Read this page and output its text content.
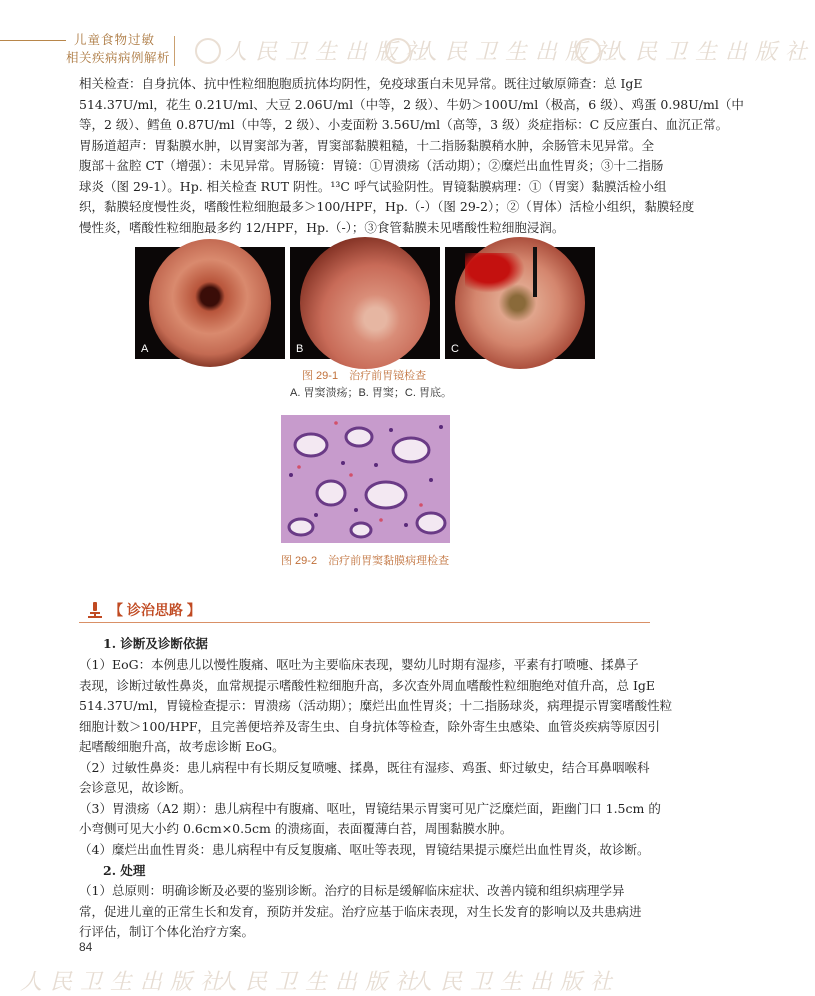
儿童食物过敏
相关疾病病例解析 人民卫生出版社
人民卫生出版社
人民卫生出版社
人民卫生出版社
人民卫生出版社
人民卫生出版社
相关检查：自身抗体、抗中性粒细胞胞质抗体均阴性，免疫球蛋白未见异常。既往过敏原筛查：总 IgE
514.37U/ml，花生 0.21U/ml、大豆 2.06U/ml（中等，2 级）、牛奶＞100U/ml（极高，6 级）、鸡蛋 0.98U/ml（中
等，2 级）、鳕鱼 0.87U/ml（中等，2 级）、小麦面粉 3.56U/ml（高等，3 级）炎症指标：C 反应蛋白、血沉正常。
胃肠道超声：胃黏膜水肿，以胃窦部为著，胃窦部黏膜粗糙，十二指肠黏膜稍水肿，余肠管未见异常。全
腹部＋盆腔 CT（增强）：未见异常。胃肠镜：胃镜：①胃溃疡（活动期）；②糜烂出血性胃炎；③十二指肠
球炎（图 29-1）。Hp. 相关检查 RUT 阴性。¹³C 呼气试验阴性。胃镜黏膜病理：①（胃窦）黏膜活检小组
织，黏膜轻度慢性炎，嗜酸性粒细胞最多＞100/HPF，Hp.（-）（图 29-2）；②（胃体）活检小组织，黏膜轻度
慢性炎，嗜酸性粒细胞最多约 12/HPF，Hp.（-）；③食管黏膜未见嗜酸性粒细胞浸润。
A	B	C
图 29-1　治疗前胃镜检查
A. 胃窦溃疡；B. 胃窦；C. 胃底。
图 29-2　治疗前胃窦黏膜病理检查
【 诊治思路 】
1. 诊断及诊断依据
（1）EoG：本例患儿以慢性腹痛、呕吐为主要临床表现，婴幼儿时期有湿疹，平素有打喷嚏、揉鼻子
表现，诊断过敏性鼻炎，血常规提示嗜酸性粒细胞升高，多次查外周血嗜酸性粒细胞绝对值升高，总 IgE
514.37U/ml，胃镜检查提示：胃溃疡（活动期）；糜烂出血性胃炎；十二指肠球炎，病理提示胃窦嗜酸性粒
细胞计数＞100/HPF，且完善便培养及寄生虫、自身抗体等检查，除外寄生虫感染、血管炎疾病等原因引
起嗜酸细胞升高，故考虑诊断 EoG。
（2）过敏性鼻炎：患儿病程中有长期反复喷嚏、揉鼻，既往有湿疹、鸡蛋、虾过敏史，结合耳鼻咽喉科
会诊意见，故诊断。
（3）胃溃疡（A2 期）：患儿病程中有腹痛、呕吐，胃镜结果示胃窦可见广泛糜烂面，距幽门口 1.5cm 的
小弯侧可见大小约 0.6cm×0.5cm 的溃疡面，表面覆薄白苔，周围黏膜水肿。
（4）糜烂出血性胃炎：患儿病程中有反复腹痛、呕吐等表现，胃镜结果提示糜烂出血性胃炎，故诊断。
2. 处理
（1）总原则：明确诊断及必要的鉴别诊断。治疗的目标是缓解临床症状、改善内镜和组织病理学异
常，促进儿童的正常生长和发育，预防并发症。治疗应基于临床表现，对生长发育的影响以及共患病进
行评估，制订个体化治疗方案。
84
